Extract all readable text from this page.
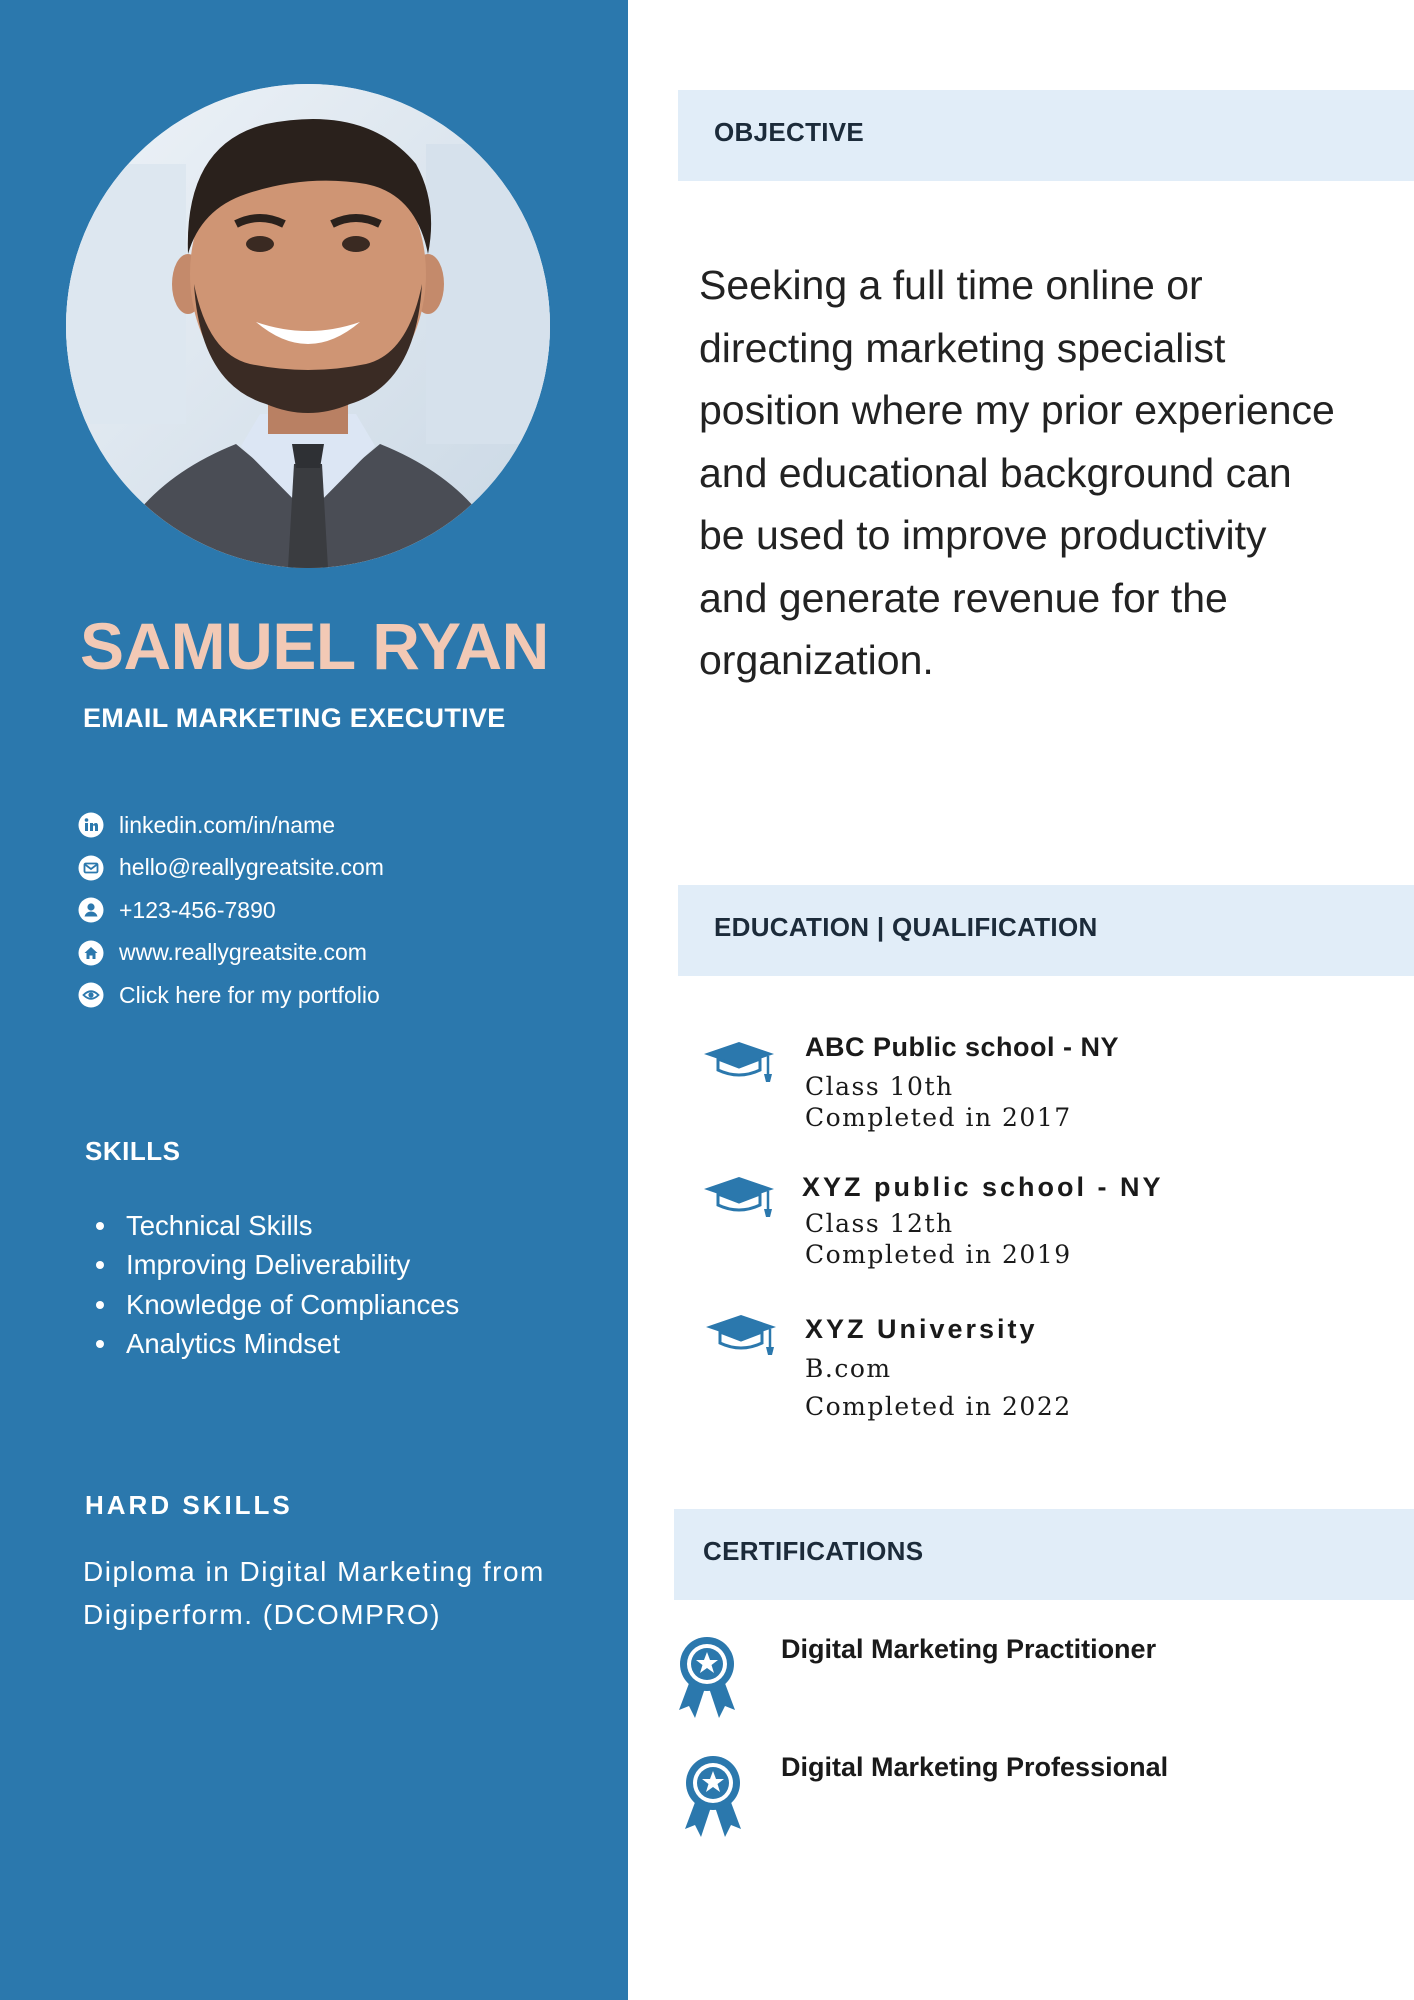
SAMUEL RYAN
EMAIL MARKETING EXECUTIVE
linkedin.com/in/name
hello@reallygreatsite.com
+123-456-7890
www.reallygreatsite.com
Click here for my portfolio
SKILLS
Technical Skills
Improving Deliverability
Knowledge of Compliances
Analytics Mindset
HARD SKILLS
Diploma in Digital Marketing from Digiperform. (DCOMPRO)
OBJECTIVE
Seeking a full time online or directing marketing specialist position where my prior experience and educational background can be used to improve productivity and generate revenue for the organization.
EDUCATION | QUALIFICATION
ABC Public school - NY
Class 10th
Completed in 2017
XYZ public school - NY
Class 12th
Completed in 2019
XYZ University
B.com
Completed in 2022
CERTIFICATIONS
Digital Marketing Practitioner
Digital Marketing Professional
